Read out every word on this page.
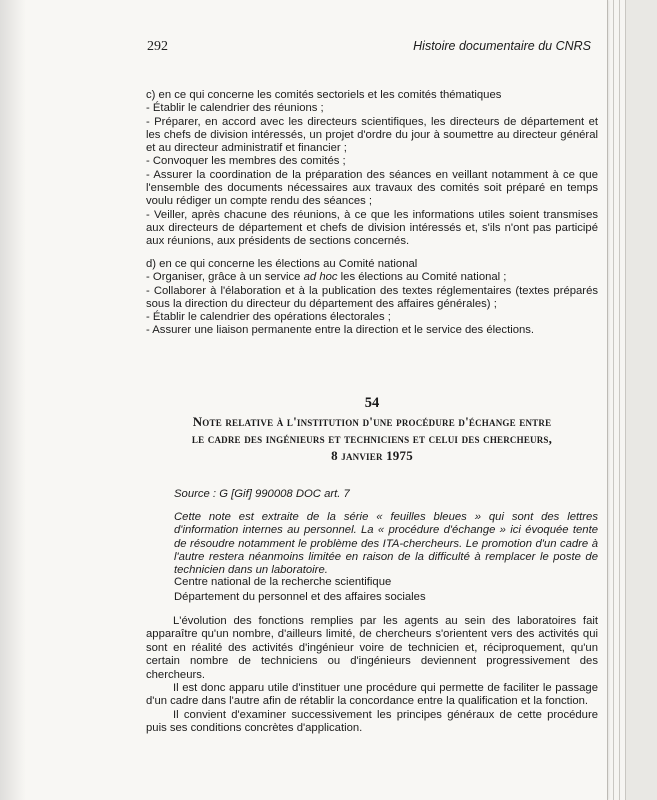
292	Histoire documentaire du CNRS

c) en ce qui concerne les comités sectoriels et les comités thématiques

- Établir le calendrier des réunions ;

- Préparer, en accord avec les directeurs scientifiques, les directeurs de département et les chefs de division intéressés, un projet d'ordre du jour à soumettre au directeur général et au directeur administratif et financier ;

- Convoquer les membres des comités ;

- Assurer la coordination de la préparation des séances en veillant notamment à ce que l'ensemble des documents nécessaires aux travaux des comités soit préparé en temps voulu rédiger un compte rendu des séances ;

- Veiller, après chacune des réunions, à ce que les informations utiles soient transmises aux directeurs de département et chefs de division intéressés et, s'ils n'ont pas participé aux réunions, aux présidents de sections concernés.

d) en ce qui concerne les élections au Comité national

- Organiser, grâce à un service ad hoc les élections au Comité national ;

- Collaborer à l'élaboration et à la publication des textes réglementaires (textes préparés sous la direction du directeur du département des affaires générales) ;

- Établir le calendrier des opérations électorales ;

- Assurer une liaison permanente entre la direction et le service des élections.

54
Note relative à l'institution d'une procédure d'échange entre
le cadre des ingénieurs et techniciens et celui des chercheurs,
8 janvier 1975
Source : G [Gif] 990008 DOC art. 7

Cette note est extraite de la série « feuilles bleues » qui sont des lettres d'information internes au personnel. La « procédure d'échange » ici évoquée tente de résoudre notamment le problème des ITA-chercheurs. Le promotion d'un cadre à l'autre restera néanmoins limitée en raison de la difficulté à remplacer le poste de technicien dans un laboratoire.

Centre national de la recherche scientifique
Département du personnel et des affaires sociales

L'évolution des fonctions remplies par les agents au sein des laboratoires fait apparaître qu'un nombre, d'ailleurs limité, de chercheurs s'orientent vers des activités qui sont en réalité des activités d'ingénieur voire de technicien et, réciproquement, qu'un certain nombre de techniciens ou d'ingénieurs deviennent progressivement des chercheurs.

Il est donc apparu utile d'instituer une procédure qui permette de faciliter le passage d'un cadre dans l'autre afin de rétablir la concordance entre la qualification et la fonction.

Il convient d'examiner successivement les principes généraux de cette procédure puis ses conditions concrètes d'application.
